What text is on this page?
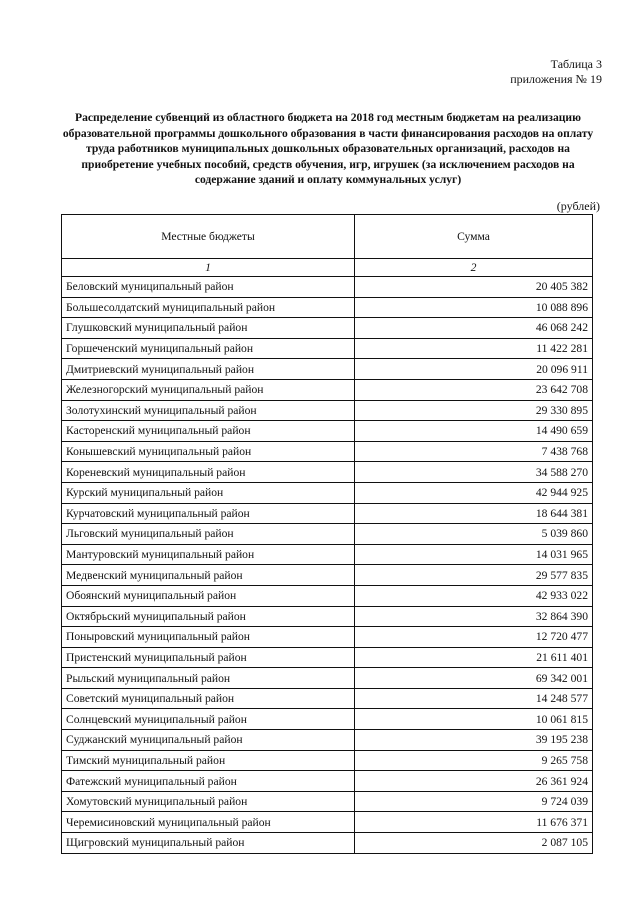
Таблица 3
приложения № 19
Распределение субвенций из областного бюджета на 2018 год местным бюджетам на реализацию образовательной программы дошкольного образования в части финансирования расходов на оплату труда работников муниципальных дошкольных образовательных организаций, расходов на приобретение учебных пособий, средств обучения, игр, игрушек (за исключением расходов на содержание зданий и оплату коммунальных услуг)
(рублей)
Местные бюджеты	Сумма
1	2
Беловский муниципальный район	20 405 382
Большесолдатский муниципальный район	10 088 896
Глушковский муниципальный район	46 068 242
Горшеченский муниципальный район	11 422 281
Дмитриевский муниципальный район	20 096 911
Железногорский муниципальный район	23 642 708
Золотухинский муниципальный район	29 330 895
Касторенский муниципальный район	14 490 659
Конышевский муниципальный район	7 438 768
Кореневский муниципальный район	34 588 270
Курский муниципальный район	42 944 925
Курчатовский муниципальный район	18 644 381
Льговский муниципальный район	5 039 860
Мантуровский муниципальный район	14 031 965
Медвенский муниципальный район	29 577 835
Обоянский муниципальный район	42 933 022
Октябрьский муниципальный район	32 864 390
Поныровский муниципальный район	12 720 477
Пристенский муниципальный район	21 611 401
Рыльский муниципальный район	69 342 001
Советский муниципальный район	14 248 577
Солнцевский муниципальный район	10 061 815
Суджанский муниципальный район	39 195 238
Тимский муниципальный район	9 265 758
Фатежский муниципальный район	26 361 924
Хомутовский муниципальный район	9 724 039
Черемисиновский муниципальный район	11 676 371
Щигровский муниципальный район	2 087 105
